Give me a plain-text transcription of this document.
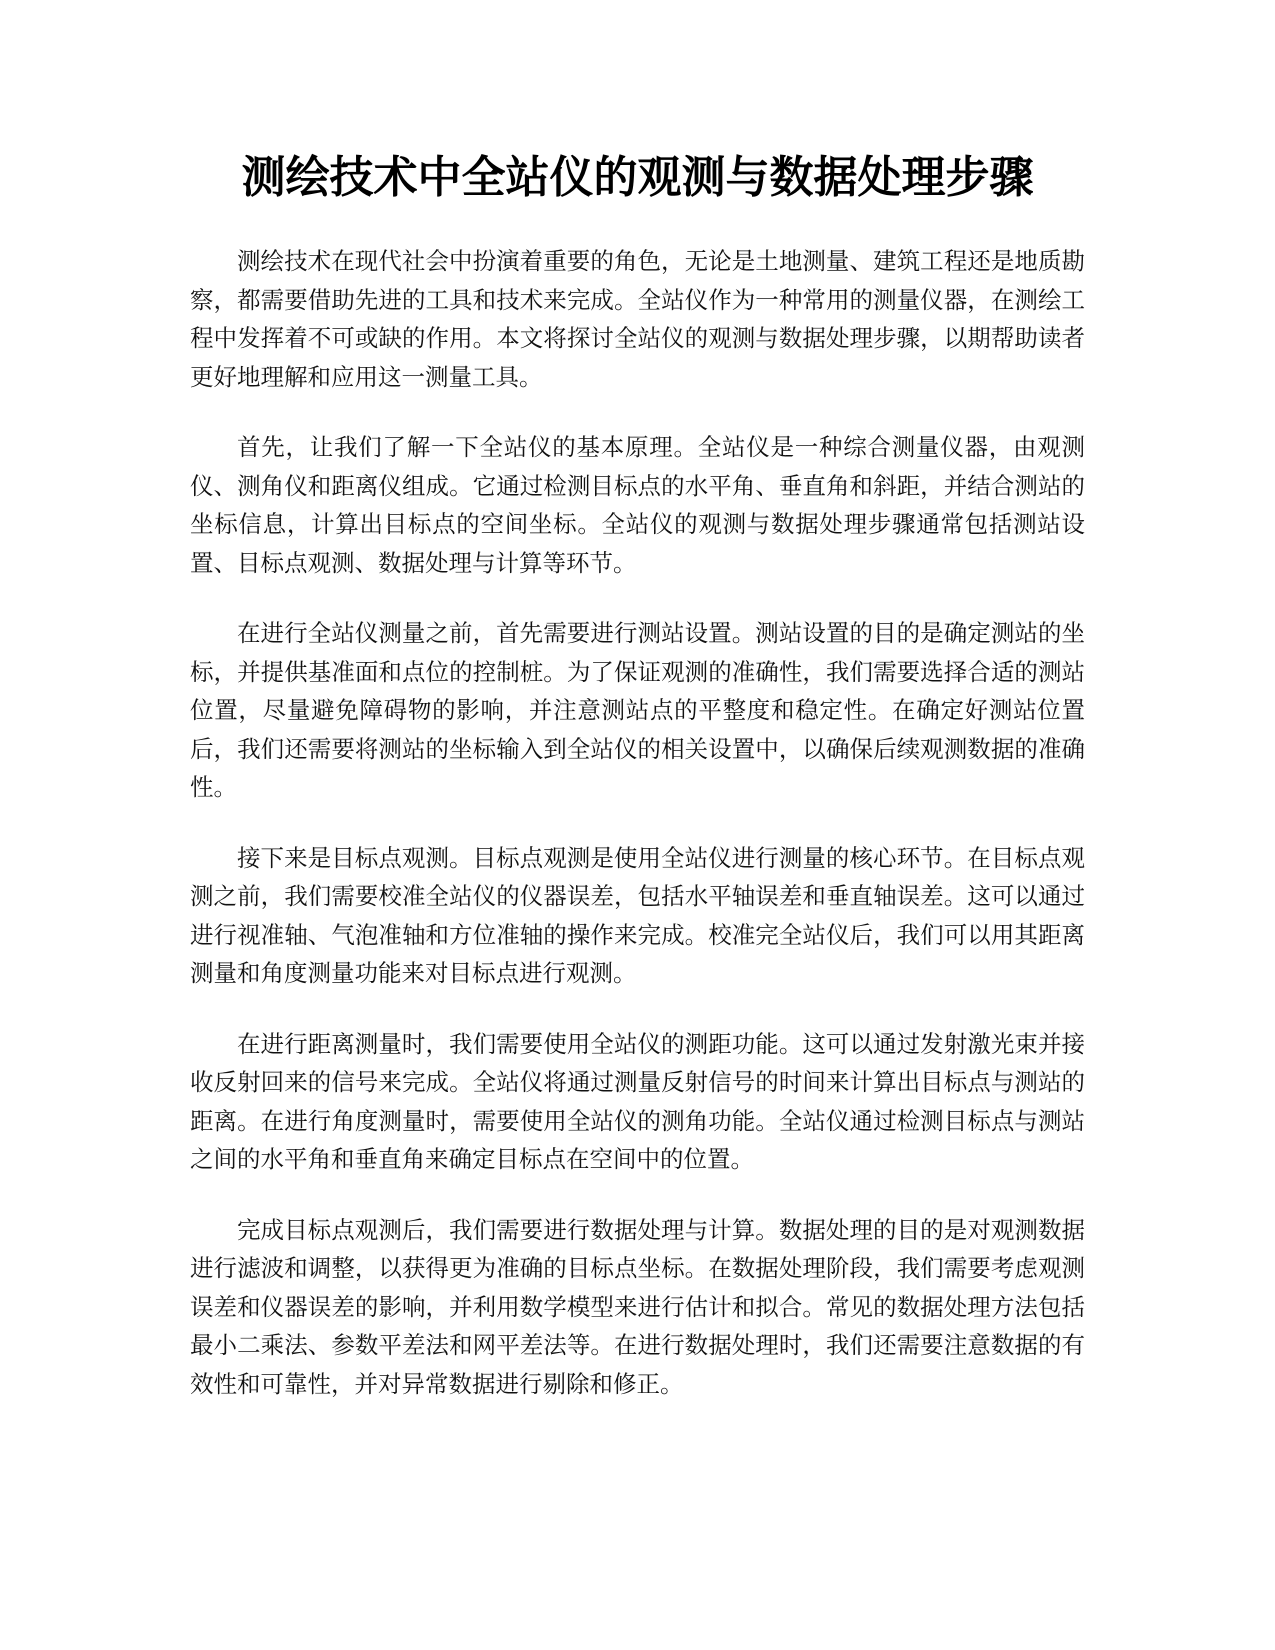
测绘技术中全站仪的观测与数据处理步骤

测绘技术在现代社会中扮演着重要的角色，无论是土地测量、建筑工程还是地质勘察，都需要借助先进的工具和技术来完成。全站仪作为一种常用的测量仪器，在测绘工程中发挥着不可或缺的作用。本文将探讨全站仪的观测与数据处理步骤，以期帮助读者更好地理解和应用这一测量工具。

首先，让我们了解一下全站仪的基本原理。全站仪是一种综合测量仪器，由观测仪、测角仪和距离仪组成。它通过检测目标点的水平角、垂直角和斜距，并结合测站的坐标信息，计算出目标点的空间坐标。全站仪的观测与数据处理步骤通常包括测站设置、目标点观测、数据处理与计算等环节。

在进行全站仪测量之前，首先需要进行测站设置。测站设置的目的是确定测站的坐标，并提供基准面和点位的控制桩。为了保证观测的准确性，我们需要选择合适的测站位置，尽量避免障碍物的影响，并注意测站点的平整度和稳定性。在确定好测站位置后，我们还需要将测站的坐标输入到全站仪的相关设置中，以确保后续观测数据的准确性。

接下来是目标点观测。目标点观测是使用全站仪进行测量的核心环节。在目标点观测之前，我们需要校准全站仪的仪器误差，包括水平轴误差和垂直轴误差。这可以通过进行视准轴、气泡准轴和方位准轴的操作来完成。校准完全站仪后，我们可以用其距离测量和角度测量功能来对目标点进行观测。

在进行距离测量时，我们需要使用全站仪的测距功能。这可以通过发射激光束并接收反射回来的信号来完成。全站仪将通过测量反射信号的时间来计算出目标点与测站的距离。在进行角度测量时，需要使用全站仪的测角功能。全站仪通过检测目标点与测站之间的水平角和垂直角来确定目标点在空间中的位置。

完成目标点观测后，我们需要进行数据处理与计算。数据处理的目的是对观测数据进行滤波和调整，以获得更为准确的目标点坐标。在数据处理阶段，我们需要考虑观测误差和仪器误差的影响，并利用数学模型来进行估计和拟合。常见的数据处理方法包括最小二乘法、参数平差法和网平差法等。在进行数据处理时，我们还需要注意数据的有效性和可靠性，并对异常数据进行剔除和修正。
